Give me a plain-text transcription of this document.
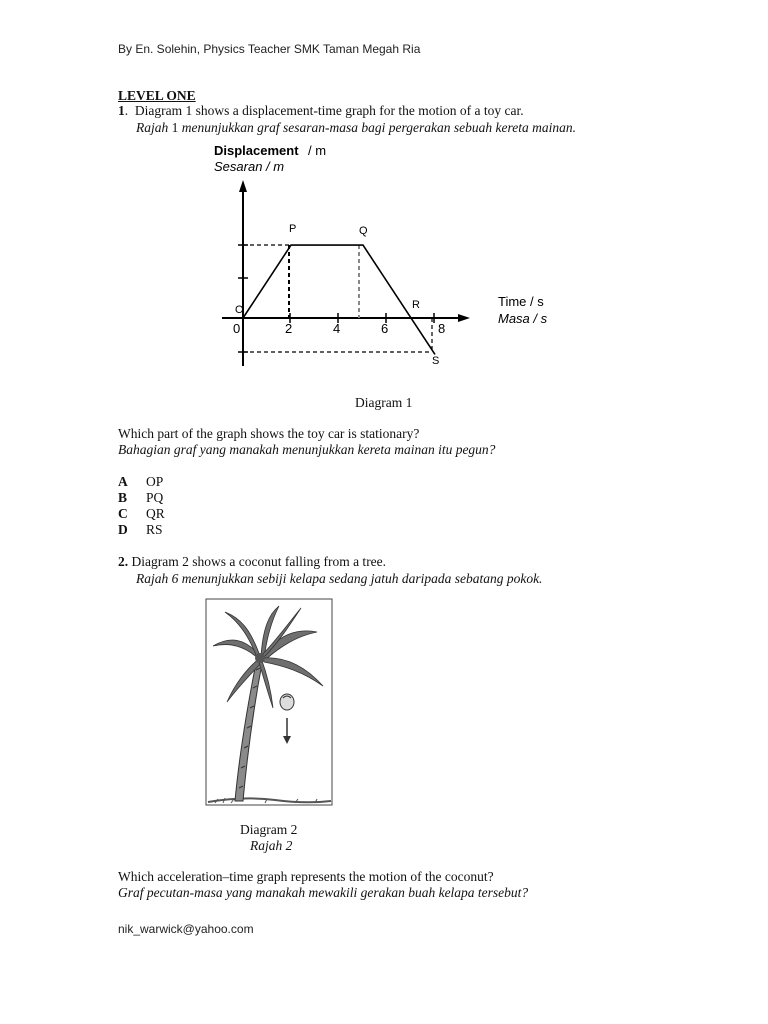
By En. Solehin, Physics Teacher SMK Taman Megah Ria
LEVEL ONE
1.  Diagram 1 shows a displacement-time graph for the motion of a toy car.
Rajah 1 menunjukkan graf sesaran-masa bagi pergerakan sebuah kereta mainan.
Displacement / m
Sesaran / m
O
P	Q
R
S
0	2	4	6	8
Time / s
Masa / s
Diagram 1
Which part of the graph shows the toy car is stationary?
Bahagian graf yang manakah menunjukkan kereta mainan itu pegun?
A OP
B PQ
C QR
D RS
2. Diagram 2 shows a coconut falling from a tree.
Rajah 6 menunjukkan sebiji kelapa sedang jatuh daripada sebatang pokok.
Diagram 2
Rajah 2
Which acceleration–time graph represents the motion of the coconut?
Graf pecutan-masa yang manakah mewakili gerakan buah kelapa tersebut?
nik_warwick@yahoo.com
